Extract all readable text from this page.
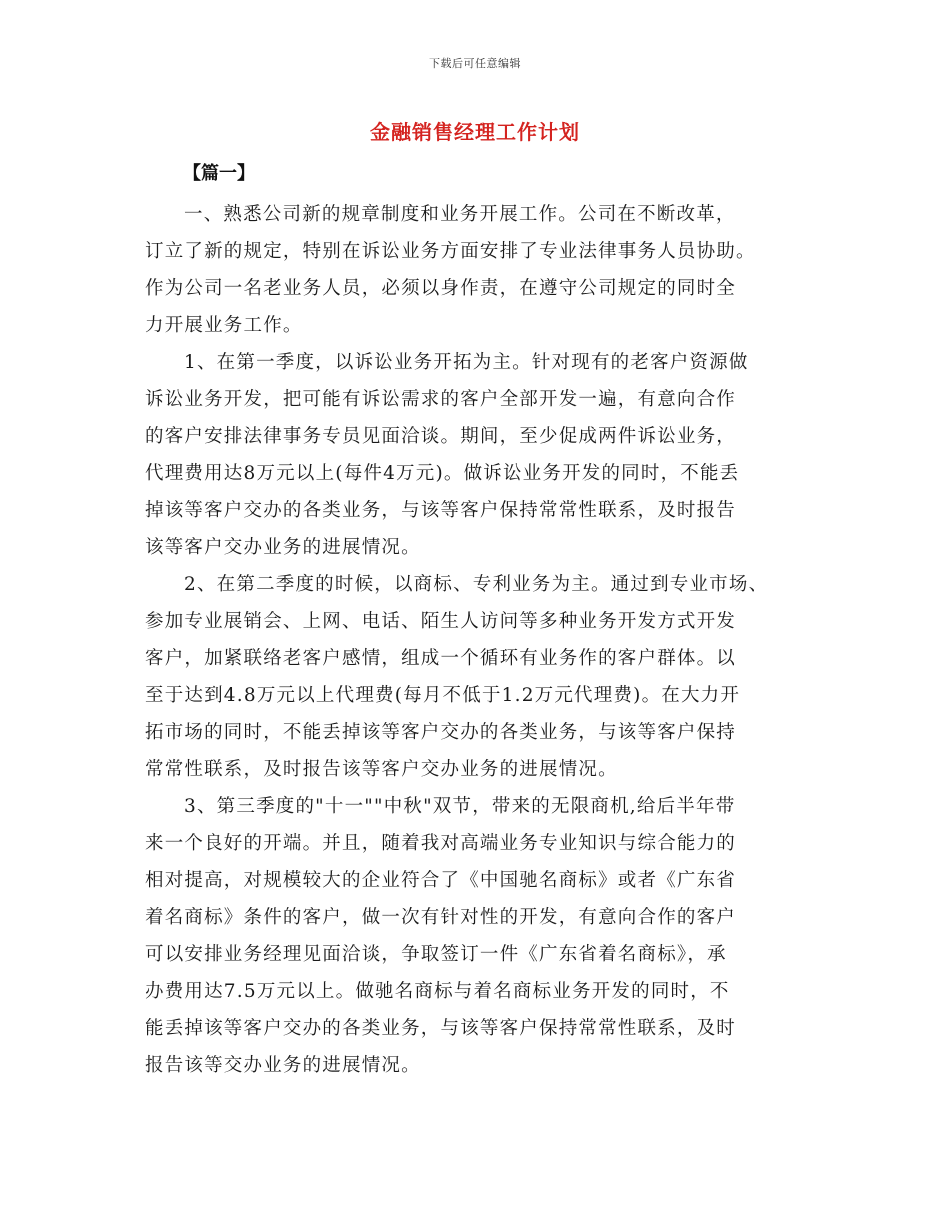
下载后可任意编辑
金融销售经理工作计划
【篇一】

一、熟悉公司新的规章制度和业务开展工作。公司在不断改革，
订立了新的规定，特别在诉讼业务方面安排了专业法律事务人员协助。
作为公司一名老业务人员，必须以身作责，在遵守公司规定的同时全
力开展业务工作。

1、在第一季度，以诉讼业务开拓为主。针对现有的老客户资源做
诉讼业务开发，把可能有诉讼需求的客户全部开发一遍，有意向合作
的客户安排法律事务专员见面洽谈。期间，至少促成两件诉讼业务，
代理费用达8万元以上(每件4万元)。做诉讼业务开发的同时，不能丢
掉该等客户交办的各类业务，与该等客户保持常常性联系，及时报告
该等客户交办业务的进展情况。

2、在第二季度的时候，以商标、专利业务为主。通过到专业市场、
参加专业展销会、上网、电话、陌生人访问等多种业务开发方式开发
客户，加紧联络老客户感情，组成一个循环有业务作的客户群体。以
至于达到4.8万元以上代理费(每月不低于1.2万元代理费)。在大力开
拓市场的同时，不能丢掉该等客户交办的各类业务，与该等客户保持
常常性联系，及时报告该等客户交办业务的进展情况。

3、第三季度的"十一""中秋"双节，带来的无限商机,给后半年带
来一个良好的开端。并且，随着我对高端业务专业知识与综合能力的
相对提高，对规模较大的企业符合了《中国驰名商标》或者《广东省
着名商标》条件的客户，做一次有针对性的开发，有意向合作的客户
可以安排业务经理见面洽谈，争取签订一件《广东省着名商标》，承
办费用达7.5万元以上。做驰名商标与着名商标业务开发的同时，不
能丢掉该等客户交办的各类业务，与该等客户保持常常性联系，及时
报告该等交办业务的进展情况。
